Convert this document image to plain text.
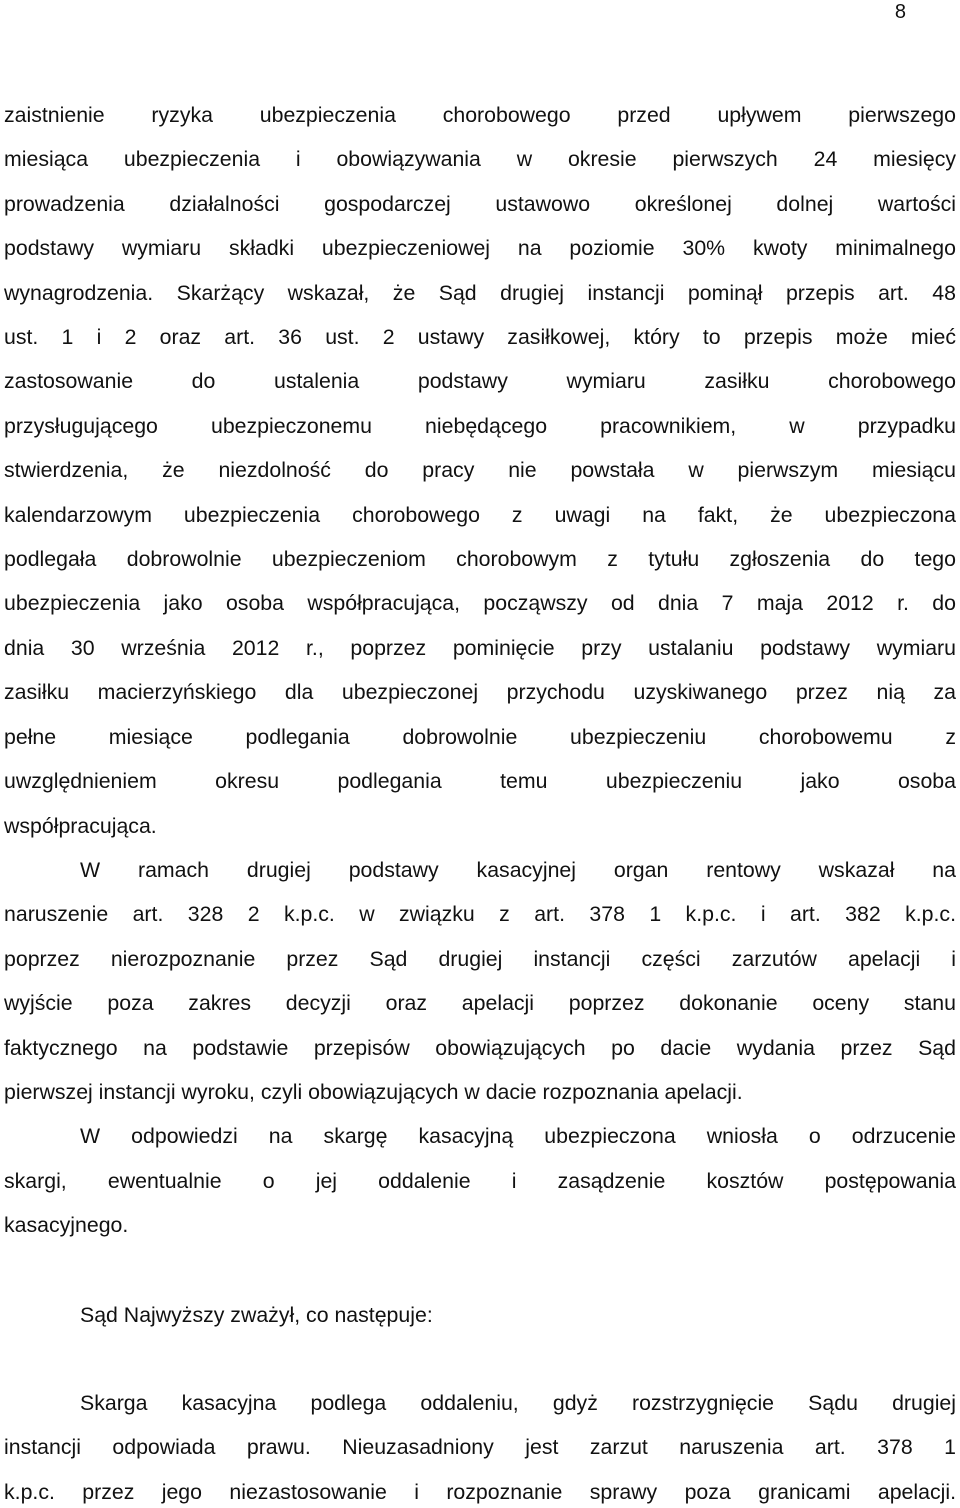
8
zaistnienie ryzyka ubezpieczenia chorobowego przed upływem pierwszego
miesiąca ubezpieczenia i obowiązywania w okresie pierwszych 24 miesięcy
prowadzenia działalności gospodarczej ustawowo określonej dolnej wartości
podstawy wymiaru składki ubezpieczeniowej na poziomie 30% kwoty minimalnego
wynagrodzenia. Skarżący wskazał, że Sąd drugiej instancji pominął przepis art. 48
ust. 1 i 2 oraz art. 36 ust. 2 ustawy zasiłkowej, który to przepis może mieć
zastosowanie do ustalenia podstawy wymiaru zasiłku chorobowego
przysługującego ubezpieczonemu niebędącego pracownikiem, w przypadku
stwierdzenia, że niezdolność do pracy nie powstała w pierwszym miesiącu
kalendarzowym ubezpieczenia chorobowego z uwagi na fakt, że ubezpieczona
podlegała dobrowolnie ubezpieczeniom chorobowym z tytułu zgłoszenia do tego
ubezpieczenia jako osoba współpracująca, począwszy od dnia 7 maja 2012 r. do
dnia 30 września 2012 r., poprzez pominięcie przy ustalaniu podstawy wymiaru
zasiłku macierzyńskiego dla ubezpieczonej przychodu uzyskiwanego przez nią za
pełne miesiące podlegania dobrowolnie ubezpieczeniu chorobowemu z
uwzględnieniem okresu podlegania temu ubezpieczeniu jako osoba
współpracująca.
W ramach drugiej podstawy kasacyjnej organ rentowy wskazał na
naruszenie art. 328 2 k.p.c. w związku z art. 378 1 k.p.c. i art. 382 k.p.c.
poprzez nierozpoznanie przez Sąd drugiej instancji części zarzutów apelacji i
wyjście poza zakres decyzji oraz apelacji poprzez dokonanie oceny stanu
faktycznego na podstawie przepisów obowiązujących po dacie wydania przez Sąd
pierwszej instancji wyroku, czyli obowiązujących w dacie rozpoznania apelacji.
W odpowiedzi na skargę kasacyjną ubezpieczona wniosła o odrzucenie
skargi, ewentualnie o jej oddalenie i zasądzenie kosztów postępowania
kasacyjnego.
Sąd Najwyższy zważył, co następuje:
Skarga kasacyjna podlega oddaleniu, gdyż rozstrzygnięcie Sądu drugiej
instancji odpowiada prawu. Nieuzasadniony jest zarzut naruszenia art. 378 1
k.p.c. przez jego niezastosowanie i rozpoznanie sprawy poza granicami apelacji.
